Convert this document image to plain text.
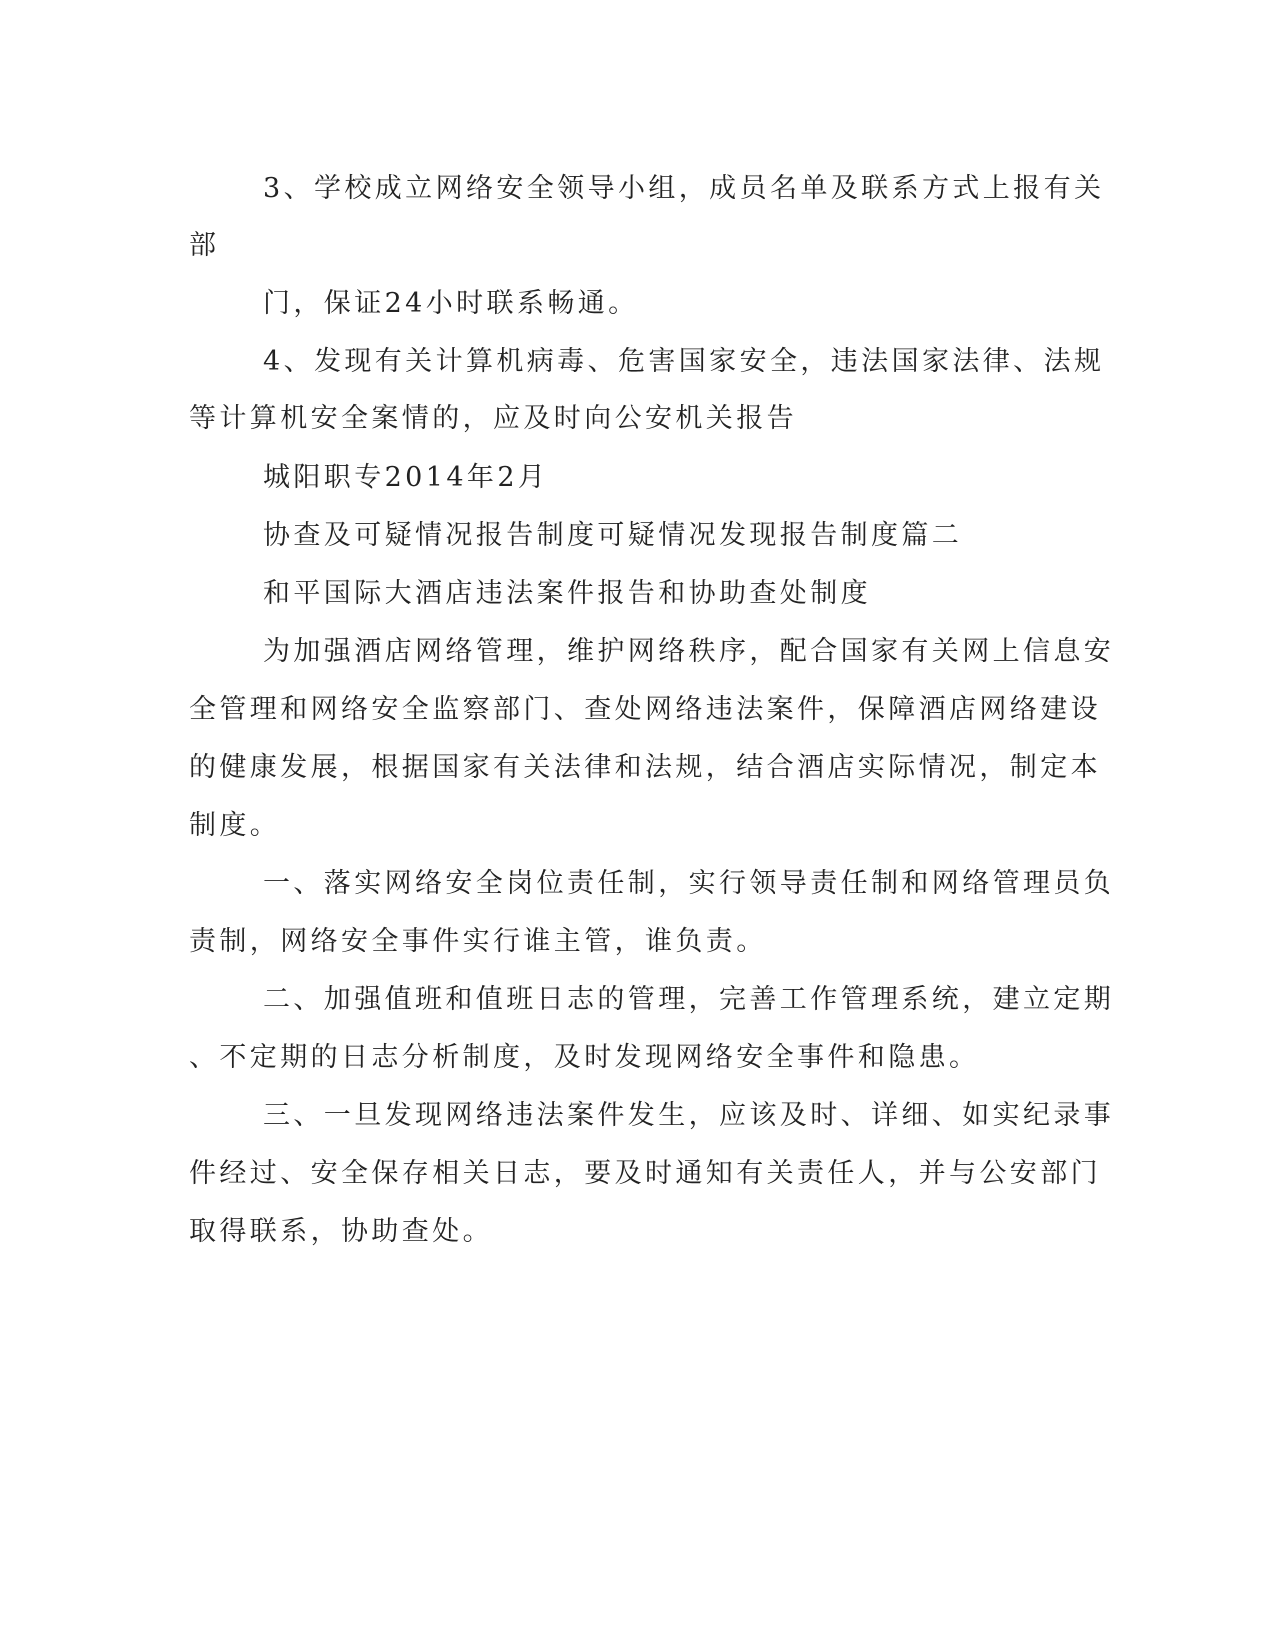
3、学校成立网络安全领导小组，成员名单及联系方式上报有关

部

门，保证24小时联系畅通。

4、发现有关计算机病毒、危害国家安全，违法国家法律、法规

等计算机安全案情的，应及时向公安机关报告

城阳职专2014年2月

协查及可疑情况报告制度可疑情况发现报告制度篇二

和平国际大酒店违法案件报告和协助查处制度

为加强酒店网络管理，维护网络秩序，配合国家有关网上信息安

全管理和网络安全监察部门、查处网络违法案件，保障酒店网络建设

的健康发展，根据国家有关法律和法规，结合酒店实际情况，制定本

制度。

一、落实网络安全岗位责任制，实行领导责任制和网络管理员负

责制，网络安全事件实行谁主管，谁负责。

二、加强值班和值班日志的管理，完善工作管理系统，建立定期

、不定期的日志分析制度，及时发现网络安全事件和隐患。

三、一旦发现网络违法案件发生，应该及时、详细、如实纪录事

件经过、安全保存相关日志，要及时通知有关责任人，并与公安部门

取得联系，协助查处。
